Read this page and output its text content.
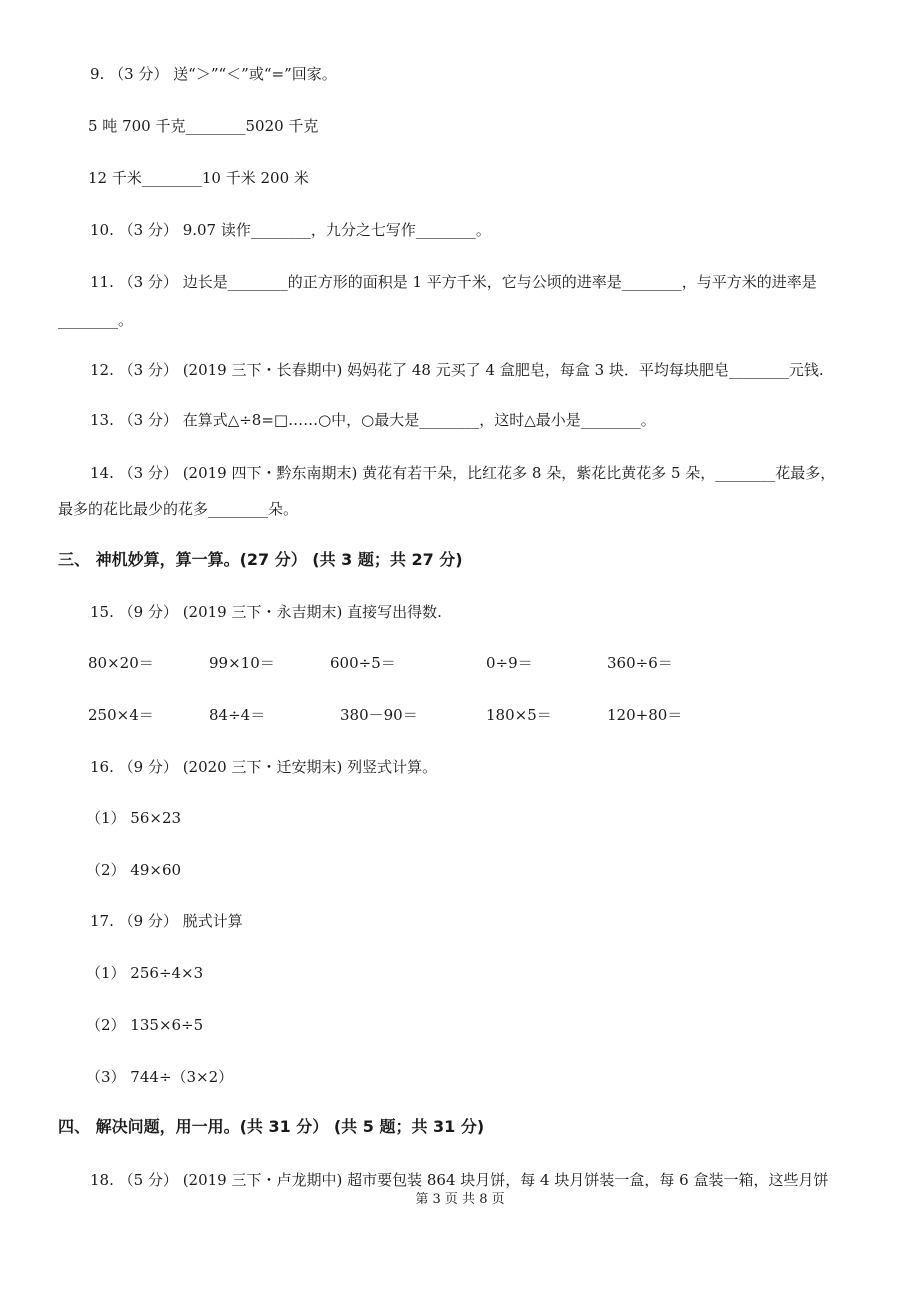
9. （3 分） 送“＞”“＜”或“=”回家。
5 吨 700 千克________5020 千克
12 千米________10 千米 200 米
10. （3 分） 9.07 读作________，九分之七写作________。
11. （3 分） 边长是________的正方形的面积是 1 平方千米，它与公顷的进率是________，与平方米的进率是
________。
12. （3 分） (2019 三下・长春期中) 妈妈花了 48 元买了 4 盒肥皂，每盒 3 块．平均每块肥皂________元钱.
13. （3 分） 在算式△÷8=□……○中，○最大是________，这时△最小是________。
14. （3 分） (2019 四下・黔东南期末) 黄花有若干朵，比红花多 8 朵，紫花比黄花多 5 朵，________花最多，
最多的花比最少的花多________朵。
三、 神机妙算，算一算。(27 分） (共 3 题；共 27 分)
15. （9 分） (2019 三下・永吉期末) 直接写出得数.
80×20＝	99×10＝	600÷5＝	0÷9＝	360÷6＝
250×4＝	84÷4＝	380－90＝	180×5＝	120+80＝
16. （9 分） (2020 三下・迁安期末) 列竖式计算。
（1） 56×23
（2） 49×60
17. （9 分） 脱式计算
（1） 256÷4×3
（2） 135×6÷5
（3） 744÷（3×2）
四、 解决问题，用一用。(共 31 分） (共 5 题；共 31 分)
18. （5 分） (2019 三下・卢龙期中) 超市要包装 864 块月饼，每 4 块月饼装一盒，每 6 盒装一箱，这些月饼
第 3 页 共 8 页
